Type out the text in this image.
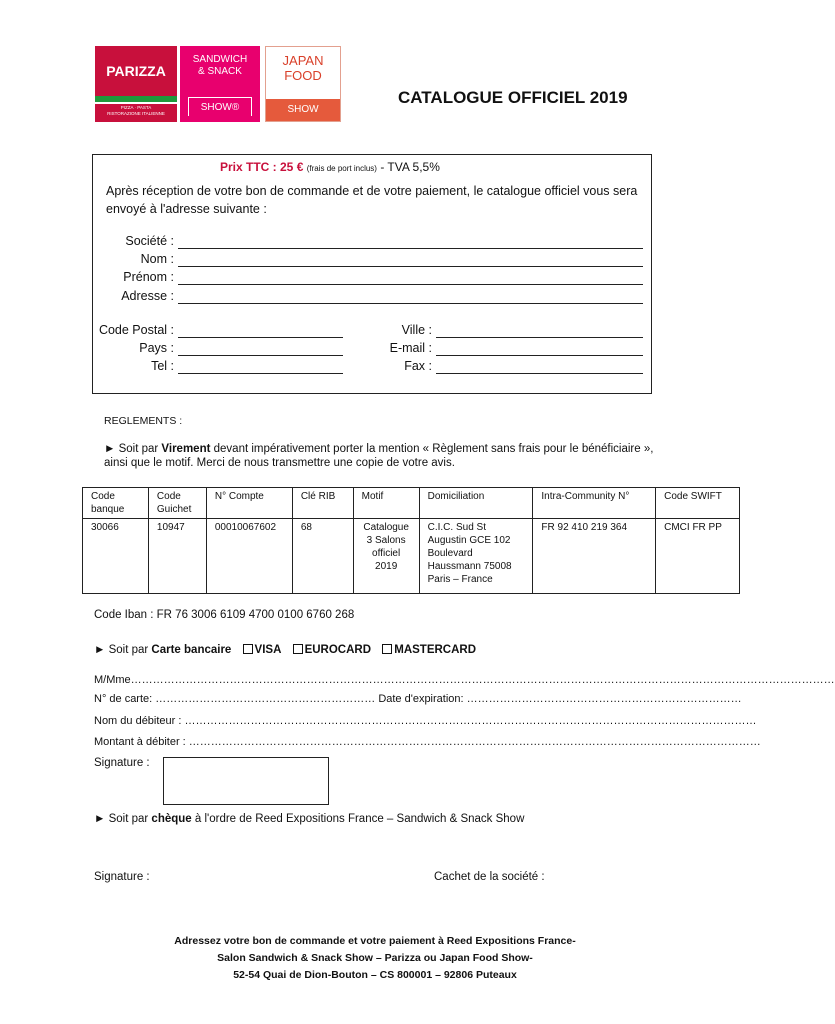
PARIZZA
PIZZA · PASTA
RISTORAZIONE ITALIENNE
SANDWICH
& SNACK
SHOW®
JAPAN
FOOD
SHOW
CATALOGUE OFFICIEL 2019
Prix TTC : 25 € (frais de port inclus) - TVA 5,5%
Après réception de votre bon de commande et de votre paiement, le catalogue officiel vous sera envoyé à l'adresse suivante :
Société :
Nom :
Prénom :
Adresse :
Code Postal :
Pays :
Tel :
Ville :
E-mail :
Fax :
REGLEMENTS :
► Soit par Virement devant impérativement porter la mention « Règlement sans frais pour le bénéficiaire »,
ainsi que le motif. Merci de nous transmettre une copie de votre avis.
Code banque	Code Guichet	N° Compte	Clé RIB	Motif	Domiciliation	Intra-Community N°	Code SWIFT
30066	10947	00010067602	68	Catalogue 3 Salons officiel 2019	C.I.C. Sud St Augustin GCE 102 Boulevard Haussmann 75008 Paris – France	FR 92 410 219 364	CMCI FR PP
Code Iban : FR 76 3006 6109 4700 0100 6760 268
► Soit par Carte bancaire VISA EUROCARD MASTERCARD
M/Mme…………………………………………………………………………………………………………………………………………………………………………
N° de carte: …………………………………………………… Date d'expiration: …………………………………………………………………
Nom du débiteur : …………………………………………………………………………………………………………………………………………
Montant à débiter : …………………………………………………………………………………………………………………………………………
Signature :
► Soit par chèque à l'ordre de Reed Expositions France – Sandwich & Snack Show
Signature :	Cachet de la société :
Adressez votre bon de commande et votre paiement à Reed Expositions France-
Salon Sandwich & Snack Show – Parizza ou Japan Food Show-
52-54 Quai de Dion-Bouton – CS 800001 – 92806 Puteaux
